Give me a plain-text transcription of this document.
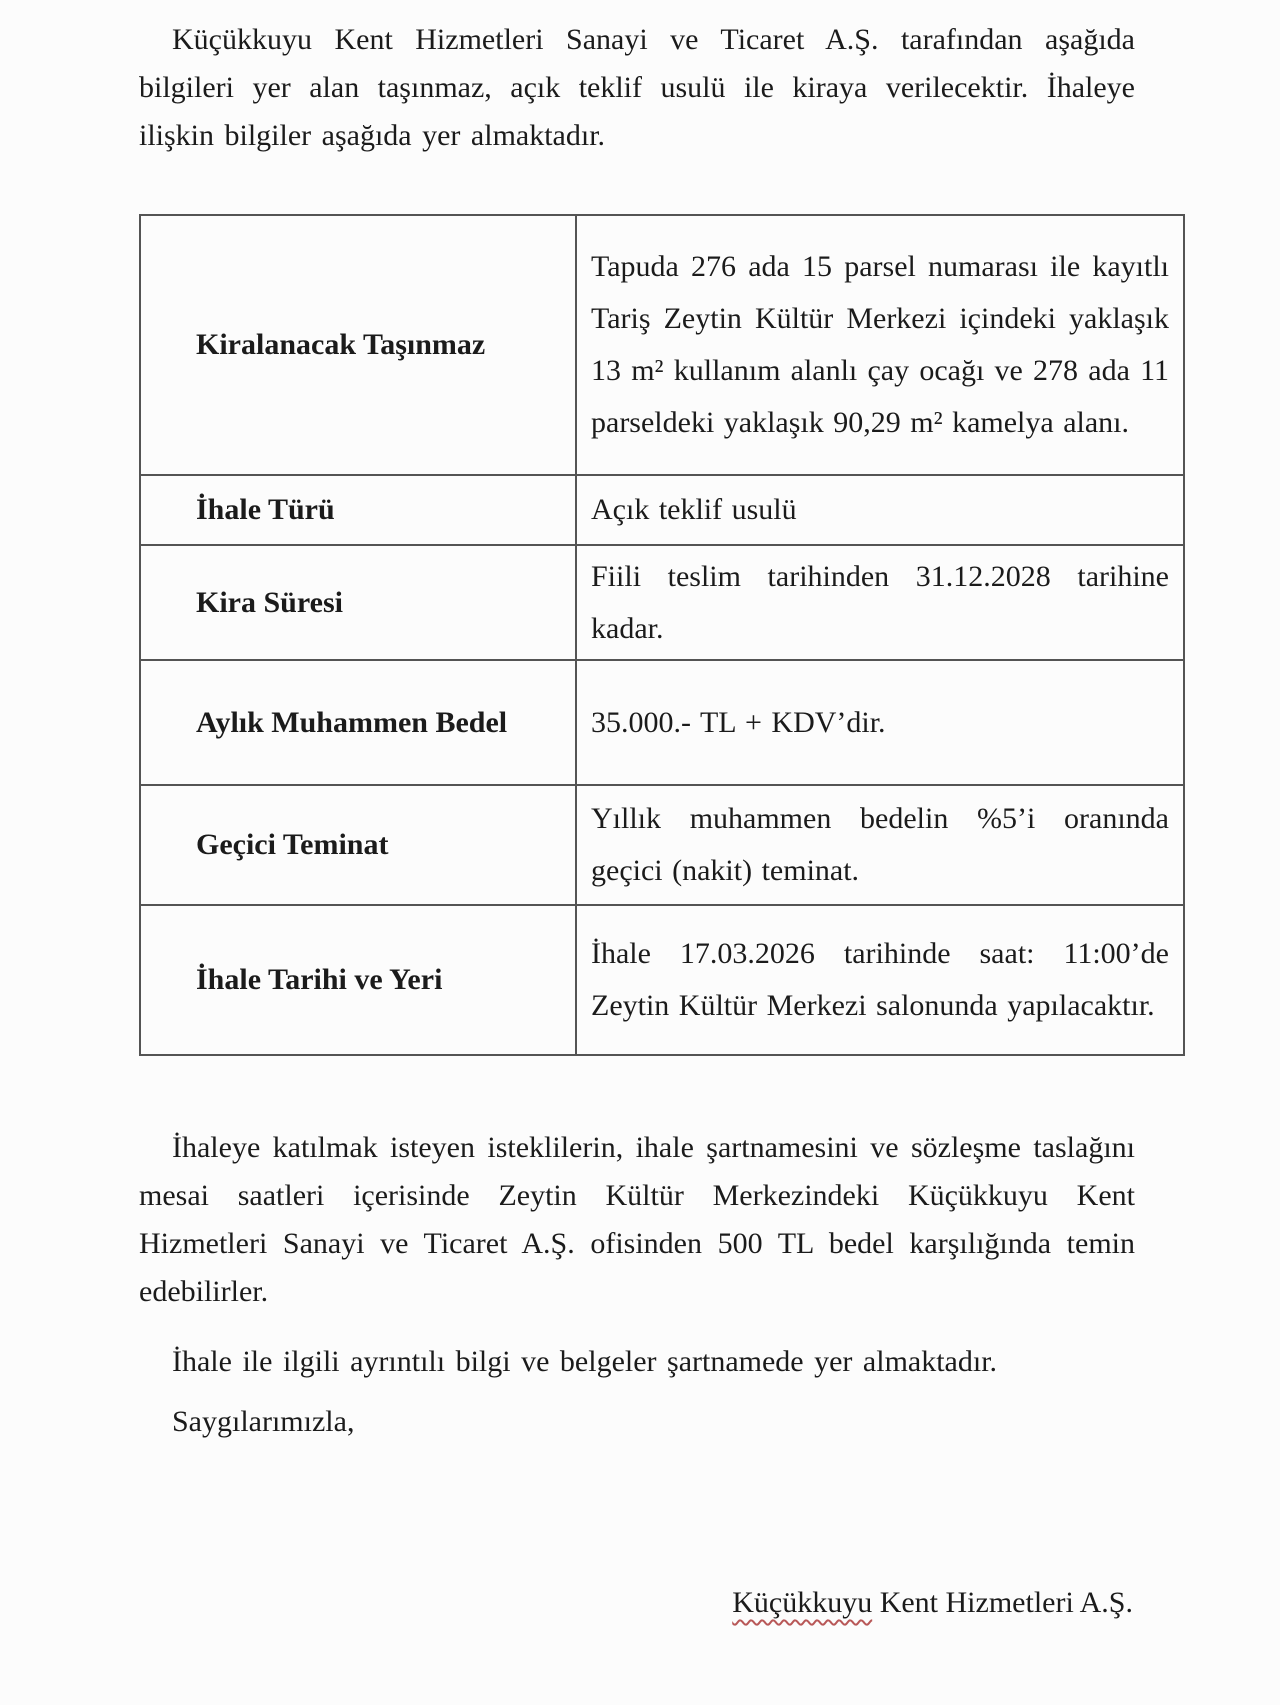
Küçükkuyu Kent Hizmetleri Sanayi ve Ticaret A.Ş. tarafından aşağıda bilgileri yer alan taşınmaz, açık teklif usulü ile kiraya verilecektir. İhaleye ilişkin bilgiler aşağıda yer almaktadır.

Kiralanacak Taşınmaz	Tapuda 276 ada 15 parsel numarası ile kayıtlı Tariş Zeytin Kültür Merkezi içindeki yaklaşık 13 m² kullanım alanlı çay ocağı ve 278 ada 11 parseldeki yaklaşık 90,29 m² kamelya alanı.
İhale Türü	Açık teklif usulü
Kira Süresi	Fiili teslim tarihinden 31.12.2028 tarihine kadar.
Aylık Muhammen Bedel	35.000.- TL + KDV’dir.
Geçici Teminat	Yıllık muhammen bedelin %5’i oranında geçici (nakit) teminat.
İhale Tarihi ve Yeri	İhale 17.03.2026 tarihinde saat: 11:00’de Zeytin Kültür Merkezi salonunda yapılacaktır.

İhaleye katılmak isteyen isteklilerin, ihale şartnamesini ve sözleşme taslağını mesai saatleri içerisinde Zeytin Kültür Merkezindeki Küçükkuyu Kent Hizmetleri Sanayi ve Ticaret A.Ş. ofisinden 500 TL bedel karşılığında temin edebilirler.

İhale ile ilgili ayrıntılı bilgi ve belgeler şartnamede yer almaktadır.

Saygılarımızla,

Küçükkuyu Kent Hizmetleri A.Ş.
